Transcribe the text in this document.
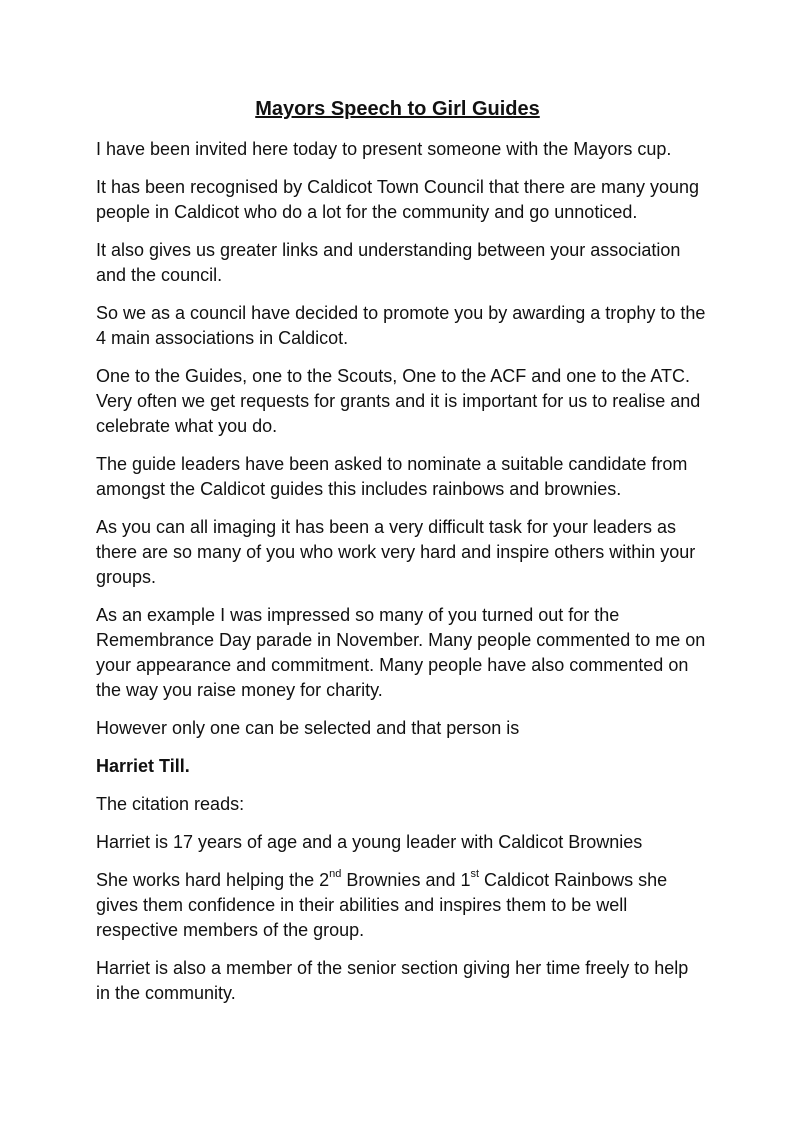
Mayors Speech to Girl Guides

I have been invited here today to present someone with the Mayors cup.

It has been recognised by Caldicot Town Council that there are many young people in Caldicot who do a lot for the community and go unnoticed.

It also gives us greater links and understanding between your association and the council.

So we as a council have decided to promote you by awarding a trophy to the 4 main associations in Caldicot.

One to the Guides, one to the Scouts, One to the ACF and one to the ATC. Very often we get requests for grants and it is important for us to realise and celebrate what you do.

The guide leaders have been asked to nominate a suitable candidate from amongst the Caldicot guides this includes rainbows and brownies.

As you can all imaging it has been a very difficult task for your leaders as there are so many of you who work very hard and inspire others within your groups.

As an example I was impressed so many of you turned out for the Remembrance Day parade in November. Many people commented to me on your appearance and commitment. Many people have also commented on the way you raise money for charity.

However only one can be selected and that person is

Harriet Till.

The citation reads:

Harriet is 17 years of age and a young leader with Caldicot Brownies

She works hard helping the 2nd Brownies and 1st Caldicot Rainbows she gives them confidence in their abilities and inspires them to be well respective members of the group.

Harriet is also a member of the senior section giving her time freely to help in the community.
